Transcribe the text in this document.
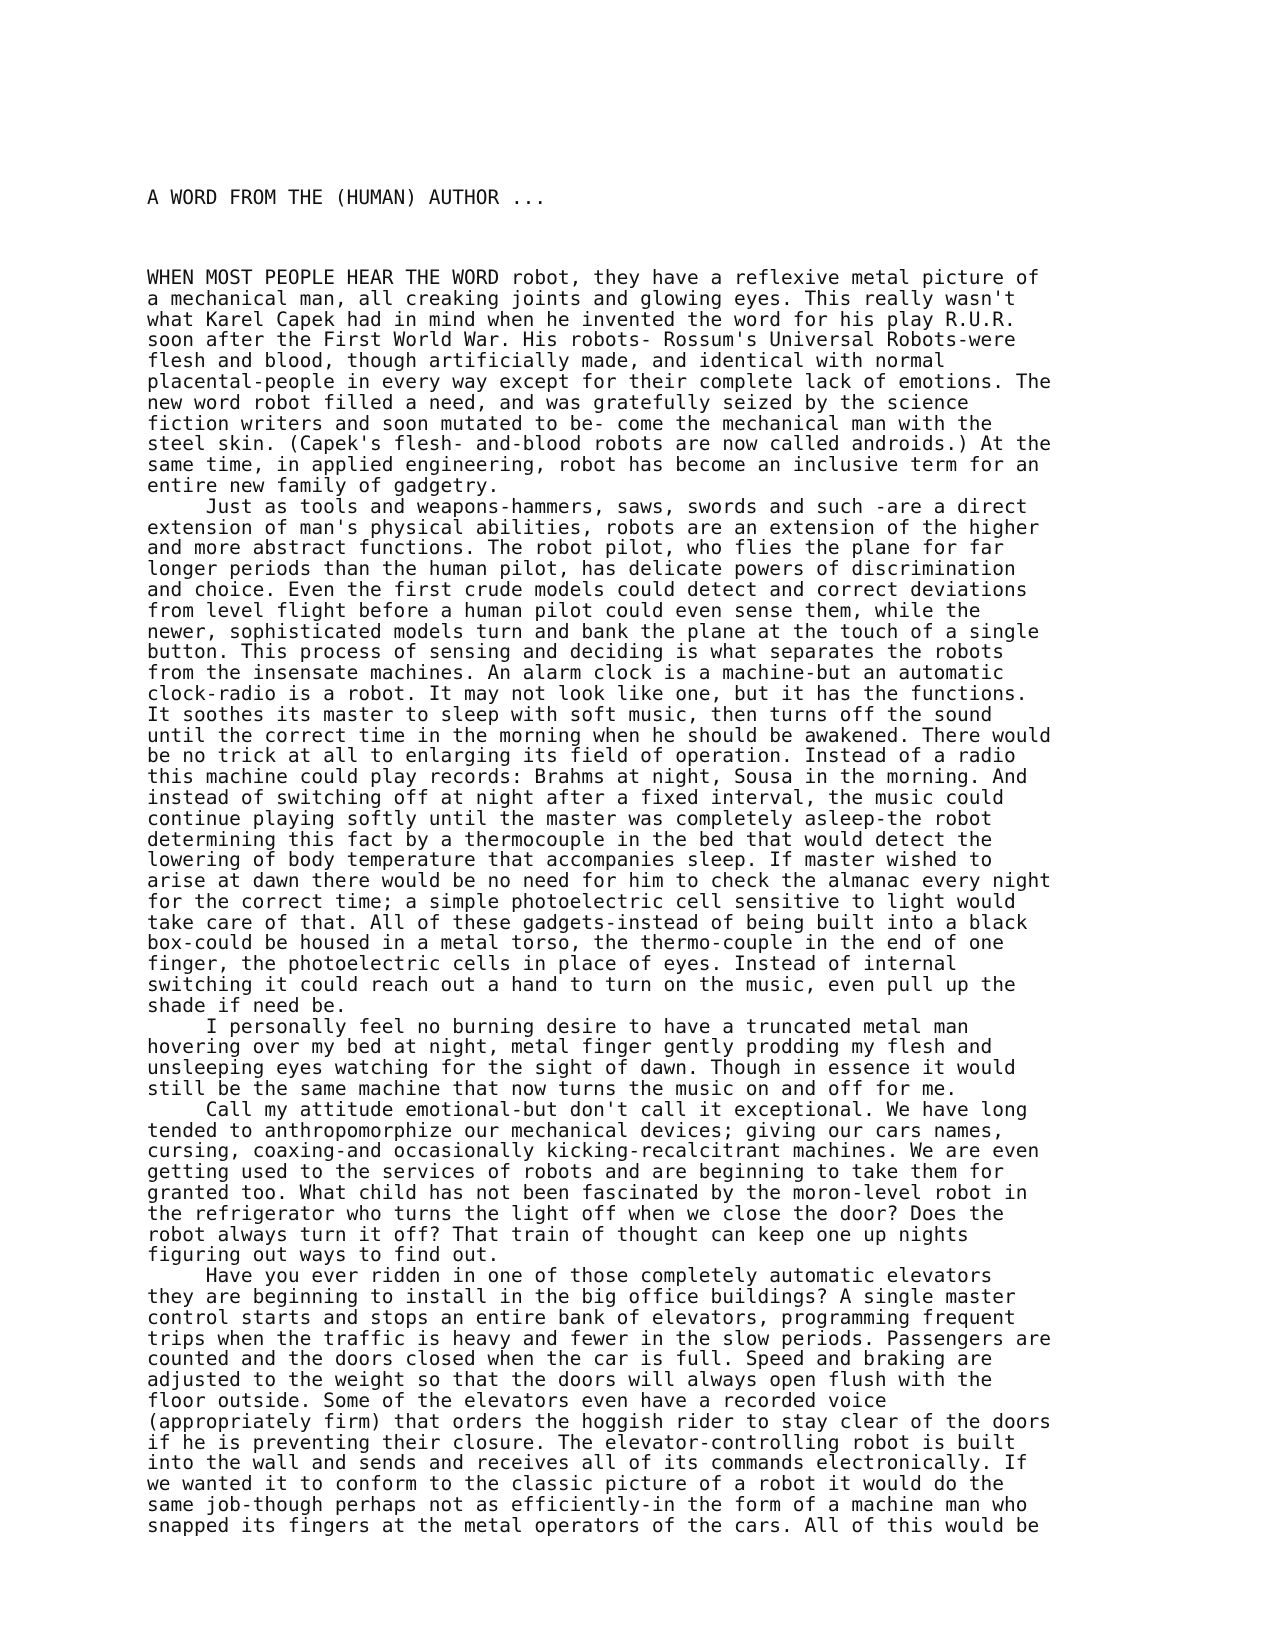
A WORD FROM THE (HUMAN) AUTHOR ...

WHEN MOST PEOPLE HEAR THE WORD robot, they have a reflexive metal picture of
a mechanical man, all creaking joints and glowing eyes. This really wasn't
what Karel Capek had in mind when he invented the word for his play R.U.R.
soon after the First World War. His robots- Rossum's Universal Robots-were
flesh and blood, though artificially made, and identical with normal
placental-people in every way except for their complete lack of emotions. The
new word robot filled a need, and was gratefully seized by the science
fiction writers and soon mutated to be- come the mechanical man with the
steel skin. (Capek's flesh- and-blood robots are now called androids.) At the
same time, in applied engineering, robot has become an inclusive term for an
entire new family of gadgetry.
Just as tools and weapons-hammers, saws, swords and such -are a direct
extension of man's physical abilities, robots are an extension of the higher
and more abstract functions. The robot pilot, who flies the plane for far
longer periods than the human pilot, has delicate powers of discrimination
and choice. Even the first crude models could detect and correct deviations
from level flight before a human pilot could even sense them, while the
newer, sophisticated models turn and bank the plane at the touch of a single
button. This process of sensing and deciding is what separates the robots
from the insensate machines. An alarm clock is a machine-but an automatic
clock-radio is a robot. It may not look like one, but it has the functions.
It soothes its master to sleep with soft music, then turns off the sound
until the correct time in the morning when he should be awakened. There would
be no trick at all to enlarging its field of operation. Instead of a radio
this machine could play records: Brahms at night, Sousa in the morning. And
instead of switching off at night after a fixed interval, the music could
continue playing softly until the master was completely asleep-the robot
determining this fact by a thermocouple in the bed that would detect the
lowering of body temperature that accompanies sleep. If master wished to
arise at dawn there would be no need for him to check the almanac every night
for the correct time; a simple photoelectric cell sensitive to light would
take care of that. All of these gadgets-instead of being built into a black
box-could be housed in a metal torso, the thermo-couple in the end of one
finger, the photoelectric cells in place of eyes. Instead of internal
switching it could reach out a hand to turn on the music, even pull up the
shade if need be.
I personally feel no burning desire to have a truncated metal man
hovering over my bed at night, metal finger gently prodding my flesh and
unsleeping eyes watching for the sight of dawn. Though in essence it would
still be the same machine that now turns the music on and off for me.
Call my attitude emotional-but don't call it exceptional. We have long
tended to anthropomorphize our mechanical devices; giving our cars names,
cursing, coaxing-and occasionally kicking-recalcitrant machines. We are even
getting used to the services of robots and are beginning to take them for
granted too. What child has not been fascinated by the moron-level robot in
the refrigerator who turns the light off when we close the door? Does the
robot always turn it off? That train of thought can keep one up nights
figuring out ways to find out.
Have you ever ridden in one of those completely automatic elevators
they are beginning to install in the big office buildings? A single master
control starts and stops an entire bank of elevators, programming frequent
trips when the traffic is heavy and fewer in the slow periods. Passengers are
counted and the doors closed when the car is full. Speed and braking are
adjusted to the weight so that the doors will always open flush with the
floor outside. Some of the elevators even have a recorded voice
(appropriately firm) that orders the hoggish rider to stay clear of the doors
if he is preventing their closure. The elevator-controlling robot is built
into the wall and sends and receives all of its commands electronically. If
we wanted it to conform to the classic picture of a robot it would do the
same job-though perhaps not as efficiently-in the form of a machine man who
snapped its fingers at the metal operators of the cars. All of this would be
